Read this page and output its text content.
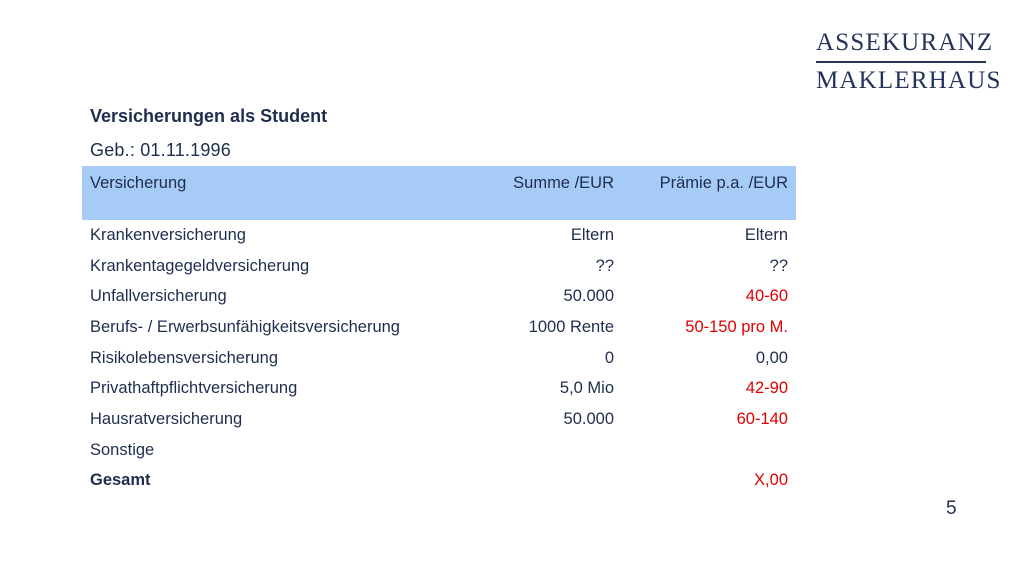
ASSEKURANZ
MAKLERHAUS
Versicherungen als Student
Geb.: 01.11.1996
Versicherung	Summe /EUR	Prämie p.a. /EUR
Krankenversicherung	Eltern	Eltern
Krankentagegeldversicherung	??	??
Unfallversicherung	50.000	40-60
Berufs- / Erwerbsunfähigkeitsversicherung	1000 Rente	50-150 pro M.
Risikolebensversicherung	0	0,00
Privathaftpflichtversicherung	5,0 Mio	42-90
Hausratversicherung	50.000	60-140
Sonstige		
Gesamt		X,00
5
